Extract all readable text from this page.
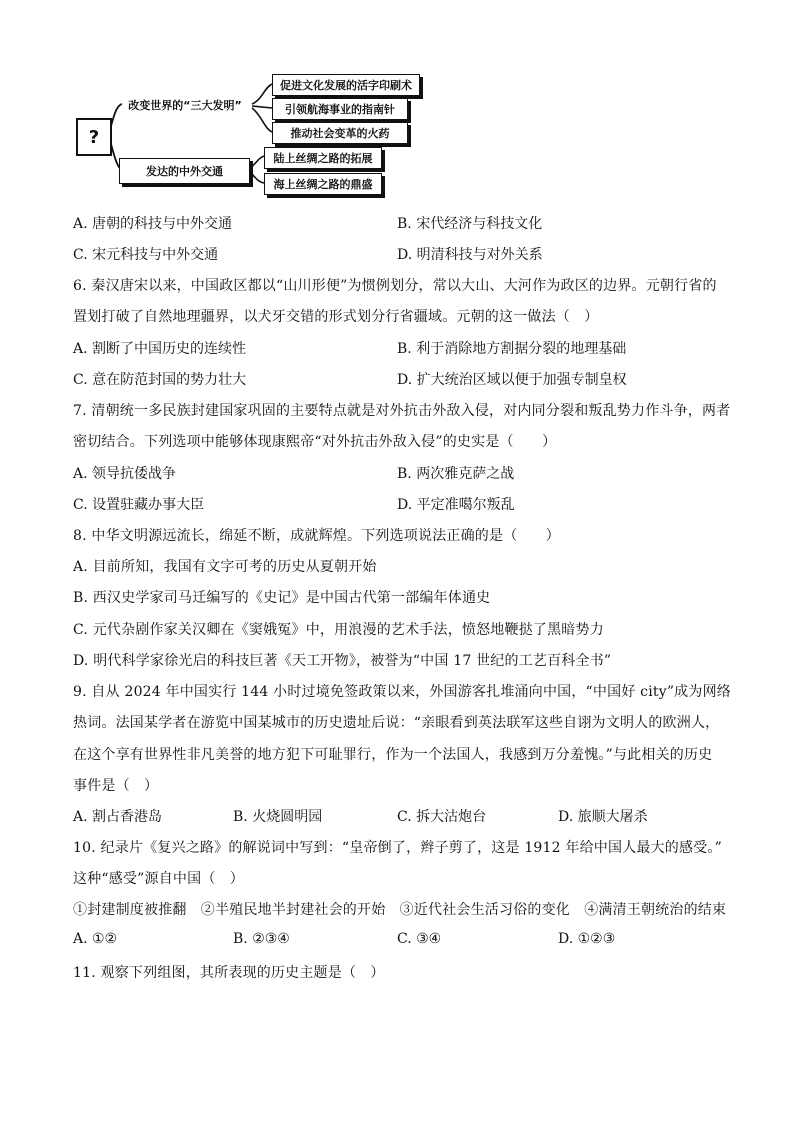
?
改变世界的“三大发明”
发达的中外交通
促进文化发展的活字印刷术
引领航海事业的指南针
推动社会变革的火药
陆上丝绸之路的拓展
海上丝绸之路的鼎盛
A. 唐朝的科技与中外交通	B. 宋代经济与科技文化
C. 宋元科技与中外交通	D. 明清科技与对外关系
6. 秦汉唐宋以来，中国政区都以“山川形便”为惯例划分，常以大山、大河作为政区的边界。元朝行省的
置划打破了自然地理疆界，以犬牙交错的形式划分行省疆域。元朝的这一做法（　）
A. 割断了中国历史的连续性	B. 利于消除地方割据分裂的地理基础
C. 意在防范封国的势力壮大	D. 扩大统治区域以便于加强专制皇权
7. 清朝统一多民族封建国家巩固的主要特点就是对外抗击外敌入侵，对内同分裂和叛乱势力作斗争，两者
密切结合。下列选项中能够体现康熙帝“对外抗击外敌入侵”的史实是（　　）
A. 领导抗倭战争	B. 两次雅克萨之战
C. 设置驻藏办事大臣	D. 平定准噶尔叛乱
8. 中华文明源远流长，绵延不断，成就辉煌。下列选项说法正确的是（　　）
A. 目前所知，我国有文字可考的历史从夏朝开始
B. 西汉史学家司马迁编写的《史记》是中国古代第一部编年体通史
C. 元代杂剧作家关汉卿在《窦娥冤》中，用浪漫的艺术手法，愤怒地鞭挞了黑暗势力
D. 明代科学家徐光启的科技巨著《天工开物》，被誉为“中国 17 世纪的工艺百科全书”
9. 自从 2024 年中国实行 144 小时过境免签政策以来，外国游客扎堆涌向中国，“中国好 city”成为网络
热词。法国某学者在游览中国某城市的历史遗址后说：“亲眼看到英法联军这些自诩为文明人的欧洲人，
在这个享有世界性非凡美誉的地方犯下可耻罪行，作为一个法国人，我感到万分羞愧。”与此相关的历史
事件是（　）
A. 割占香港岛	B. 火烧圆明园	C. 拆大沽炮台	D. 旅顺大屠杀
10. 纪录片《复兴之路》的解说词中写到：“皇帝倒了，辫子剪了，这是 1912 年给中国人最大的感受。”
这种“感受”源自中国（　）
①封建制度被推翻　②半殖民地半封建社会的开始　③近代社会生活习俗的变化　④满清王朝统治的结束
A. ①②	B. ②③④	C. ③④	D. ①②③
11. 观察下列组图，其所表现的历史主题是（　）
